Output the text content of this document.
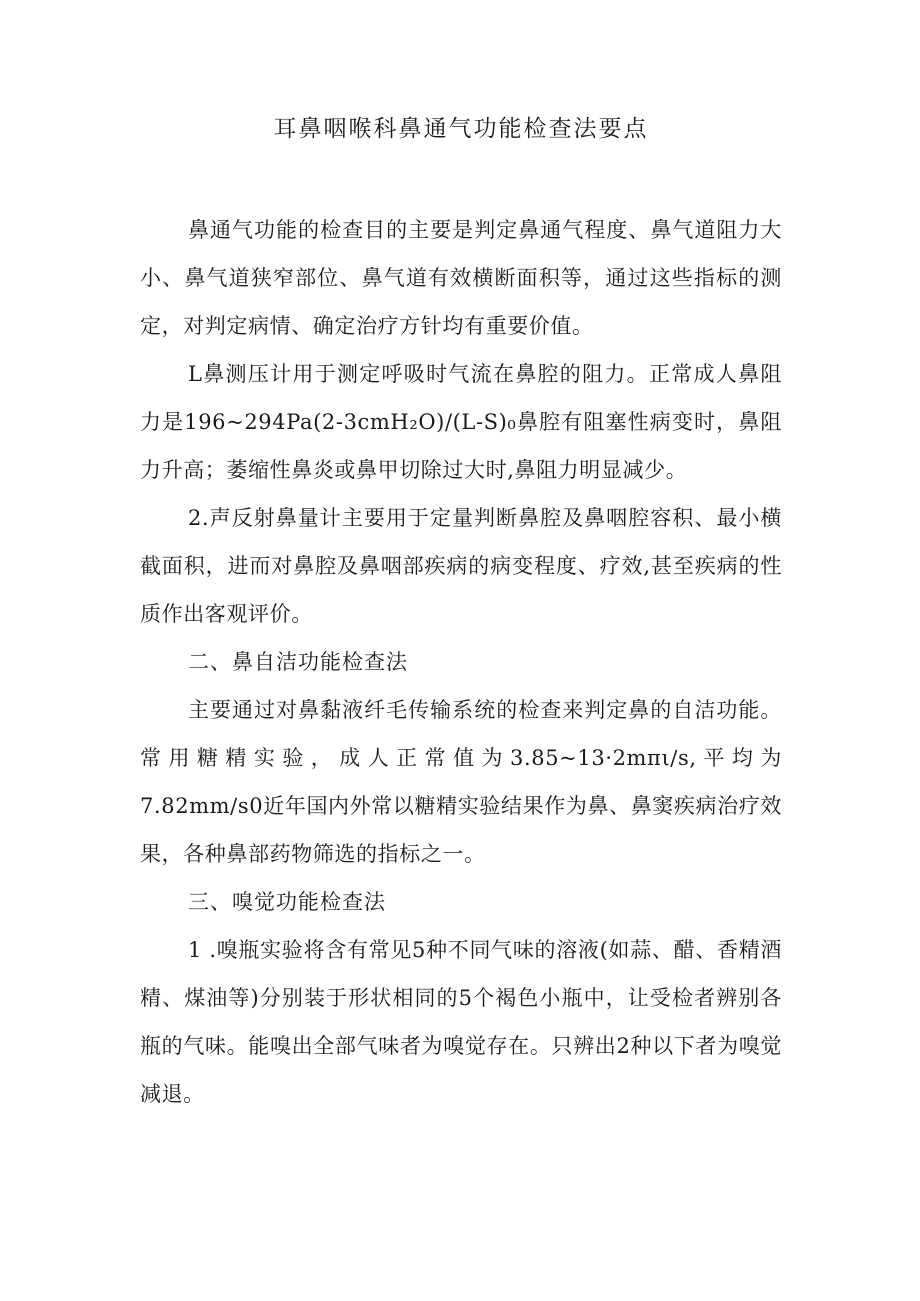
耳鼻咽喉科鼻通气功能检查法要点

鼻通气功能的检查目的主要是判定鼻通气程度、鼻气道阻力大小、鼻气道狭窄部位、鼻气道有效横断面积等，通过这些指标的测定，对判定病情、确定治疗方针均有重要价值。

L鼻测压计用于测定呼吸时气流在鼻腔的阻力。正常成人鼻阻力是196~294Pa(2-3cmH₂O)/(L-S)₀鼻腔有阻塞性病变时，鼻阻力升高；萎缩性鼻炎或鼻甲切除过大时,鼻阻力明显减少。

2.声反射鼻量计主要用于定量判断鼻腔及鼻咽腔容积、最小横截面积，进而对鼻腔及鼻咽部疾病的病变程度、疗效,甚至疾病的性质作出客观评价。

二、鼻自洁功能检查法

主要通过对鼻黏液纤毛传输系统的检查来判定鼻的自洁功能。常用糖精实验，成人正常值为3.85~13·2mπι∕s,平均为7.82mm∕s0近年国内外常以糖精实验结果作为鼻、鼻窦疾病治疗效果，各种鼻部药物筛选的指标之一。

三、嗅觉功能检查法

1 .嗅瓶实验将含有常见5种不同气味的溶液(如蒜、醋、香精酒精、煤油等)分别装于形状相同的5个褐色小瓶中，让受检者辨别各瓶的气味。能嗅出全部气味者为嗅觉存在。只辨出2种以下者为嗅觉减退。
